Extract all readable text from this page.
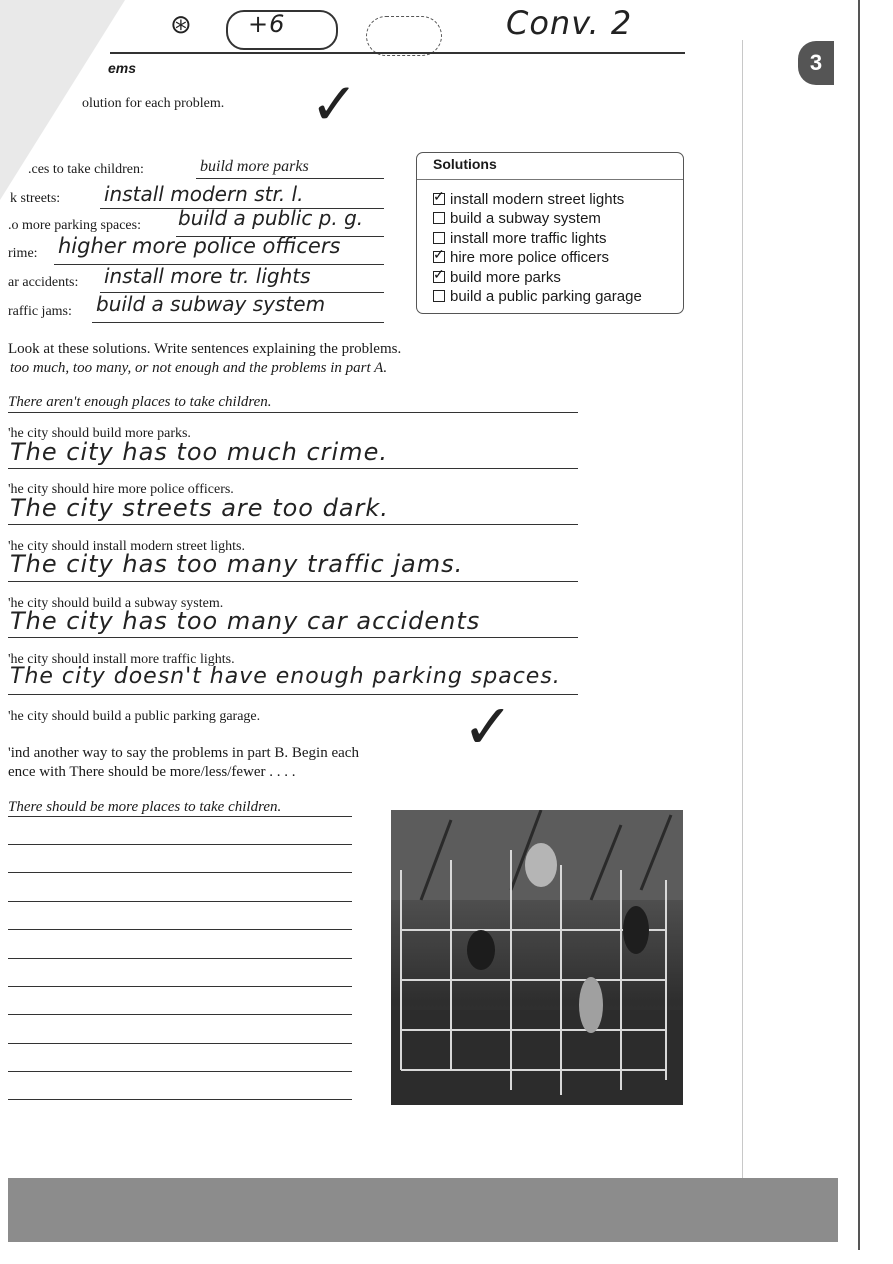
⊛ +6	Conv. 2
ems	3
olution for each problem. ✓
Solutions
✓install modern street lights
build a subway system
install more traffic lights
✓hire more police officers
✓build more parks
build a public parking garage
.ces to take children:	build more parks
k streets: install modern str. l.
.o more parking spaces: build a public p. g.
rime: higher more police officers
ar accidents: install more tr. lights
raffic jams: build a subway system
Look at these solutions. Write sentences explaining the problems.
too much, too many, or not enough and the problems in part A.
There aren't enough places to take children.
'he city should build more parks.
The city has too much crime.
'he city should hire more police officers.
The city streets are too dark.
'he city should install modern street lights.
The city has too many traffic jams.
'he city should build a subway system.
The city has too many car accidents
'he city should install more traffic lights.
The city doesn't have enough parking spaces.
'he city should build a public parking garage.	✓
'ind another way to say the problems in part B. Begin each
ence with There should be more/less/fewer . . . .
There should be more places to take children.
